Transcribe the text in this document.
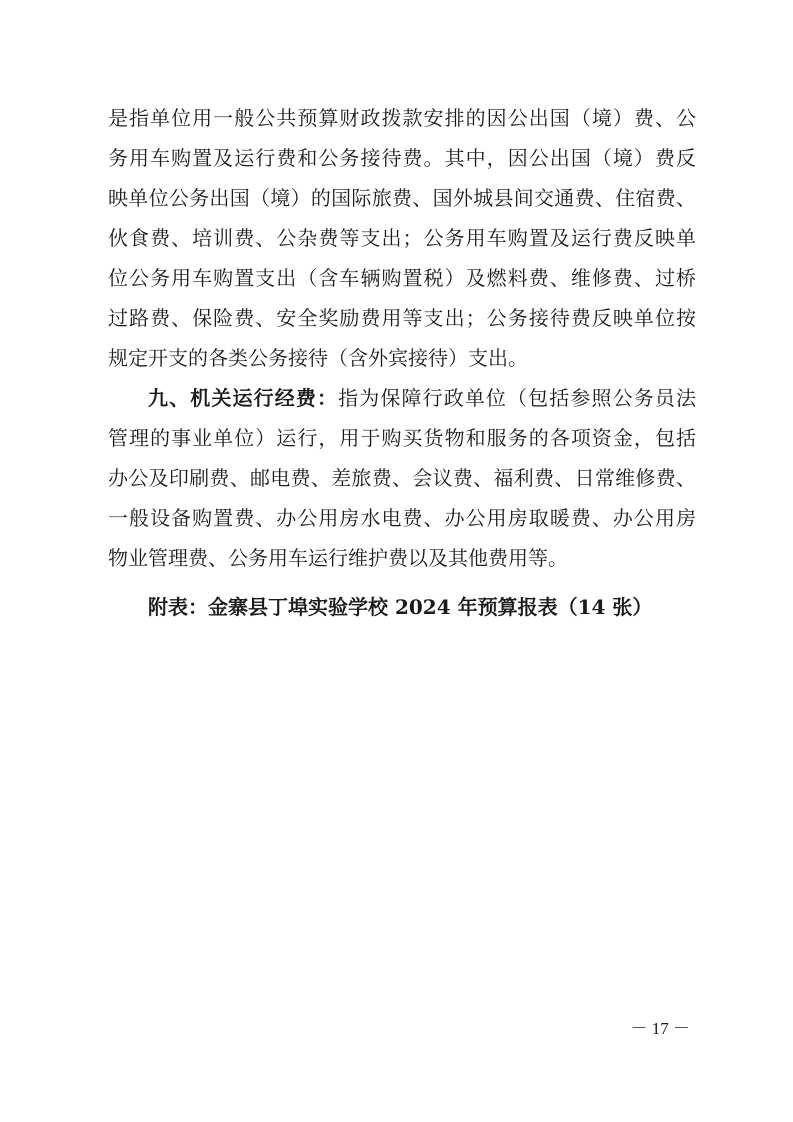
是指单位用一般公共预算财政拨款安排的因公出国（境）费、公
务用车购置及运行费和公务接待费。其中，因公出国（境）费反
映单位公务出国（境）的国际旅费、国外城县间交通费、住宿费、
伙食费、培训费、公杂费等支出；公务用车购置及运行费反映单
位公务用车购置支出（含车辆购置税）及燃料费、维修费、过桥
过路费、保险费、安全奖励费用等支出；公务接待费反映单位按
规定开支的各类公务接待（含外宾接待）支出。
九、机关运行经费：指为保障行政单位（包括参照公务员法
管理的事业单位）运行，用于购买货物和服务的各项资金，包括
办公及印刷费、邮电费、差旅费、会议费、福利费、日常维修费、
一般设备购置费、办公用房水电费、办公用房取暖费、办公用房
物业管理费、公务用车运行维护费以及其他费用等。
附表：金寨县丁埠实验学校 2024 年预算报表（14 张）
－ 17 －
